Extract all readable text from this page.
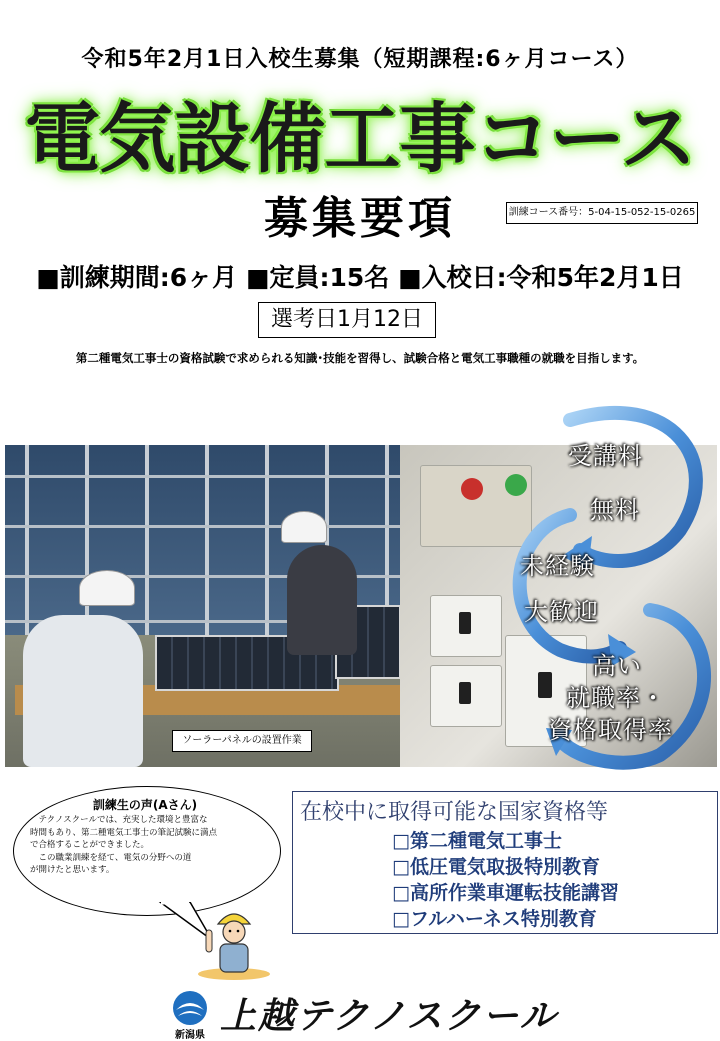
令和5年2月1日入校生募集（短期課程:6ヶ月コース）
電気設備工事コース
募集要項	訓練コース番号：5-04-15-052-15-0265
■訓練期間:6ヶ月 ■定員:15名 ■入校日:令和5年2月1日
選考日1月12日
第二種電気工事士の資格試験で求められる知識･技能を習得し、試験合格と電気工事職種の就職を目指します。
ソーラーパネルの設置作業
受講料
無料
未経験
大歓迎
高い
就職率・
資格取得率
訓練生の声(Aさん)
　テクノスクールでは、充実した環境と豊富な
時間もあり、第二種電気工事士の筆記試験に満点
で合格することができました。
　この職業訓練を経て、電気の分野への道
が開けたと思います。
在校中に取得可能な国家資格等
□第二種電気工事士
□低圧電気取扱特別教育
□高所作業車運転技能講習
□フルハーネス特別教育
新潟県 上越テクノスクール
